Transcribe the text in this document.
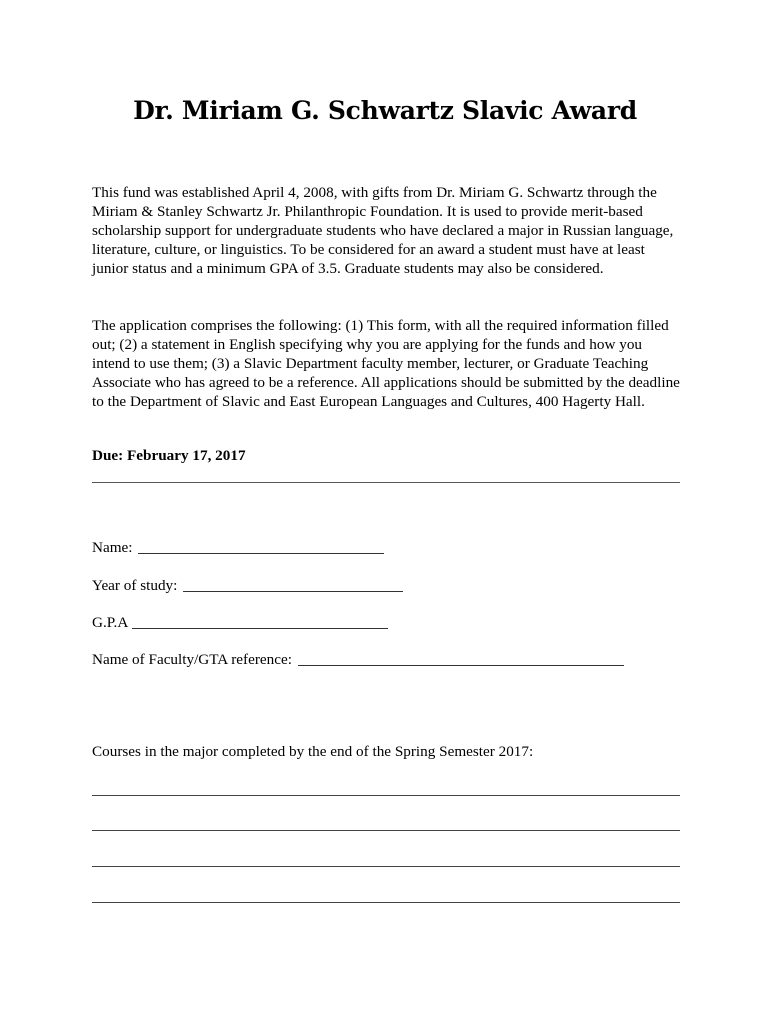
Dr. Miriam G. Schwartz Slavic Award

This fund was established April 4, 2008, with gifts from Dr. Miriam G. Schwartz through the Miriam & Stanley Schwartz Jr. Philanthropic Foundation. It is used to provide merit-based scholarship support for undergraduate students who have declared a major in Russian language, literature, culture, or linguistics. To be considered for an award a student must have at least junior status and a minimum GPA of 3.5. Graduate students may also be considered.

The application comprises the following: (1) This form, with all the required information filled out; (2) a statement in English specifying why you are applying for the funds and how you intend to use them; (3) a Slavic Department faculty member, lecturer, or Graduate Teaching Associate who has agreed to be a reference. All applications should be submitted by the deadline to the Department of Slavic and East European Languages and Cultures, 400 Hagerty Hall.

Due: February 17, 2017

Name:
Year of study:
G.P.A
Name of Faculty/GTA reference:

Courses in the major completed by the end of the Spring Semester 2017:
